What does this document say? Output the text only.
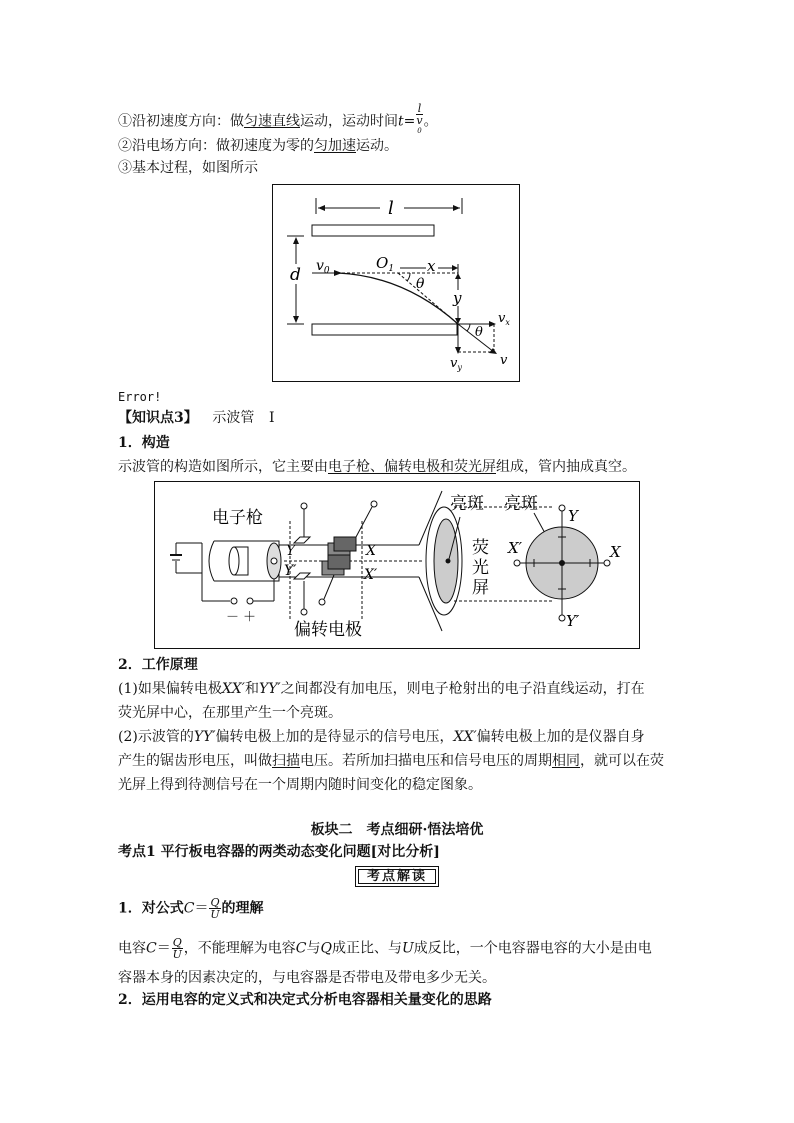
①沿初速度方向：做匀速直线运动，运动时间t= l
v
$^0$ 。
②沿电场方向：做初速度为零的匀加速运动。
③基本过程，如图所示
l
d $v_0$	$O_1$ x
θ
y
$v_x$
$v_y$	v
θ
Error!
【知识点3】 示波管 Ⅰ
1．构造
示波管的构造如图所示，它主要由电子枪、偏转电极和荧光屏组成，管内抽成真空。
电子枪
－ ＋
Y
Y′
X
X′
偏转电极
亮斑
荧
光
屏
亮斑
Y
Y′
X′	X
2．工作原理
(1)如果偏转电极XX′和YY′之间都没有加电压，则电子枪射出的电子沿直线运动，打在
荧光屏中心，在那里产生一个亮斑。
(2)示波管的YY′偏转电极上加的是待显示的信号电压，XX′偏转电极上加的是仪器自身
产生的锯齿形电压，叫做扫描电压。若所加扫描电压和信号电压的周期相同，就可以在荧
光屏上得到待测信号在一个周期内随时间变化的稳定图象。
板块二　考点细研·悟法培优
考点1 平行板电容器的两类动态变化问题[对比分析]
考点解读
1．对公式$C= \frac{Q}{U}$ 的理解
电容$C= \frac{Q}{U}$ ，不能理解为电容C与Q成正比、与U成反比，一个电容器电容的大小是由电
容器本身的因素决定的，与电容器是否带电及带电多少无关。
2．运用电容的定义式和决定式分析电容器相关量变化的思路
